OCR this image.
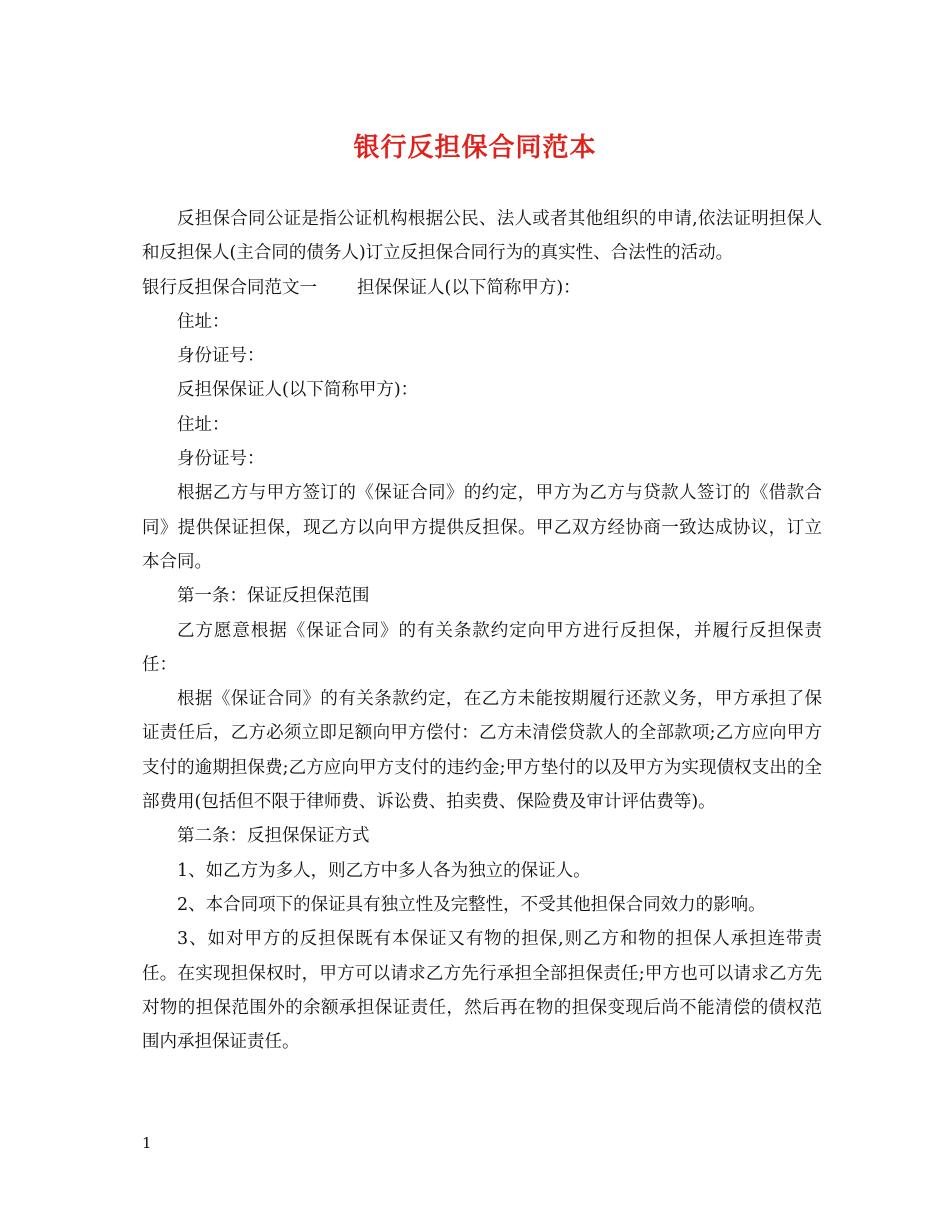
银行反担保合同范本

反担保合同公证是指公证机构根据公民、法人或者其他组织的申请,依法证明担保人和反担保人(主合同的债务人)订立反担保合同行为的真实性、合法性的活动。

银行反担保合同范文一 担保保证人(以下简称甲方)：

住址：

身份证号：

反担保保证人(以下简称甲方)：

住址：

身份证号：

根据乙方与甲方签订的《保证合同》的约定，甲方为乙方与贷款人签订的《借款合同》提供保证担保，现乙方以向甲方提供反担保。甲乙双方经协商一致达成协议，订立本合同。

第一条：保证反担保范围

乙方愿意根据《保证合同》的有关条款约定向甲方进行反担保，并履行反担保责任：

根据《保证合同》的有关条款约定，在乙方未能按期履行还款义务，甲方承担了保证责任后，乙方必须立即足额向甲方偿付：乙方未清偿贷款人的全部款项;乙方应向甲方支付的逾期担保费;乙方应向甲方支付的违约金;甲方垫付的以及甲方为实现债权支出的全部费用(包括但不限于律师费、诉讼费、拍卖费、保险费及审计评估费等)。

第二条：反担保保证方式

1、如乙方为多人，则乙方中多人各为独立的保证人。

2、本合同项下的保证具有独立性及完整性，不受其他担保合同效力的影响。

3、如对甲方的反担保既有本保证又有物的担保,则乙方和物的担保人承担连带责任。在实现担保权时，甲方可以请求乙方先行承担全部担保责任;甲方也可以请求乙方先对物的担保范围外的余额承担保证责任，然后再在物的担保变现后尚不能清偿的债权范围内承担保证责任。

1
